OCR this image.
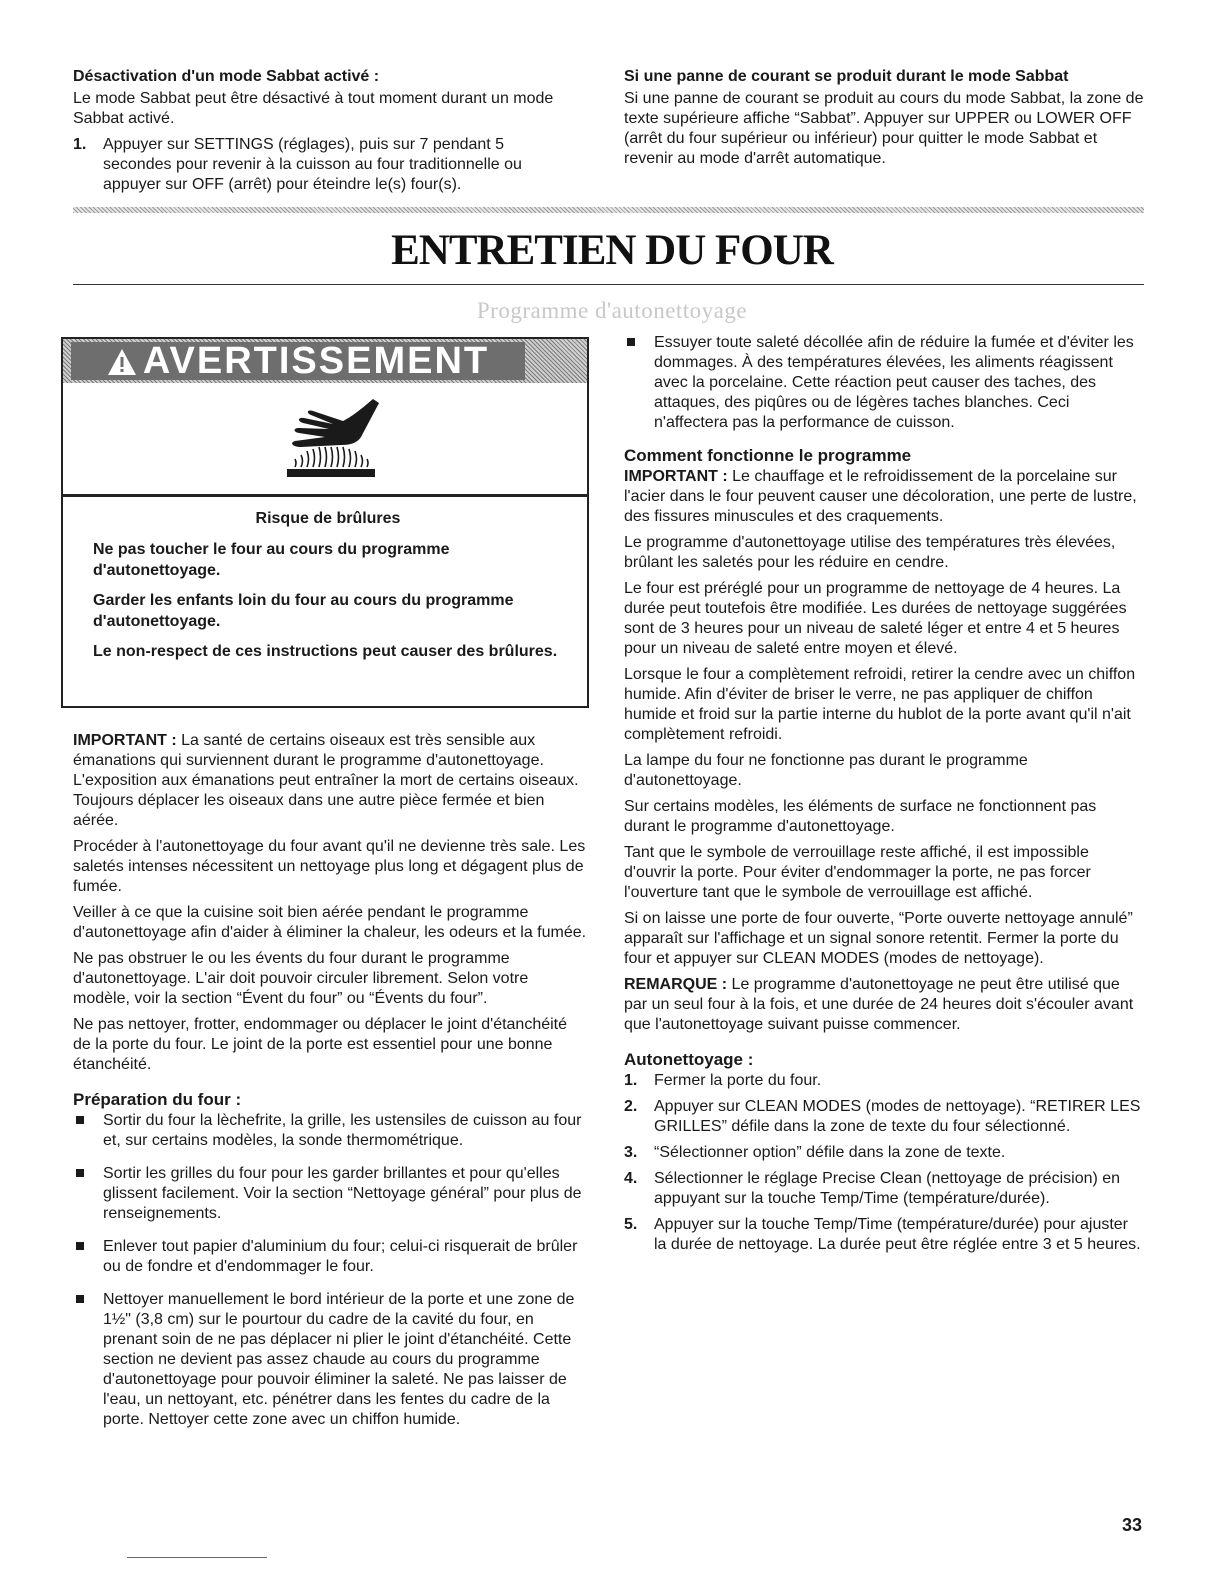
Désactivation d'un mode Sabbat activé :

Le mode Sabbat peut être désactivé à tout moment durant un mode Sabbat activé.

1. Appuyer sur SETTINGS (réglages), puis sur 7 pendant 5 secondes pour revenir à la cuisson au four traditionnelle ou appuyer sur OFF (arrêt) pour éteindre le(s) four(s).

Si une panne de courant se produit durant le mode Sabbat

Si une panne de courant se produit au cours du mode Sabbat, la zone de texte supérieure affiche “Sabbat”. Appuyer sur UPPER ou LOWER OFF (arrêt du four supérieur ou inférieur) pour quitter le mode Sabbat et revenir au mode d'arrêt automatique.

ENTRETIEN DU FOUR
Programme d'autonettoyage
AVERTISSEMENT

Risque de brûlures

Ne pas toucher le four au cours du programme d'autonettoyage.

Garder les enfants loin du four au cours du programme d'autonettoyage.

Le non-respect de ces instructions peut causer des brûlures.

IMPORTANT : La santé de certains oiseaux est très sensible aux émanations qui surviennent durant le programme d'autonettoyage. L'exposition aux émanations peut entraîner la mort de certains oiseaux. Toujours déplacer les oiseaux dans une autre pièce fermée et bien aérée.

Procéder à l'autonettoyage du four avant qu'il ne devienne très sale. Les saletés intenses nécessitent un nettoyage plus long et dégagent plus de fumée.

Veiller à ce que la cuisine soit bien aérée pendant le programme d'autonettoyage afin d'aider à éliminer la chaleur, les odeurs et la fumée.

Ne pas obstruer le ou les évents du four durant le programme d'autonettoyage. L'air doit pouvoir circuler librement. Selon votre modèle, voir la section “Évent du four” ou “Évents du four”.

Ne pas nettoyer, frotter, endommager ou déplacer le joint d'étanchéité de la porte du four. Le joint de la porte est essentiel pour une bonne étanchéité.

Préparation du four :

Sortir du four la lèchefrite, la grille, les ustensiles de cuisson au four et, sur certains modèles, la sonde thermométrique.
Sortir les grilles du four pour les garder brillantes et pour qu'elles glissent facilement. Voir la section “Nettoyage général” pour plus de renseignements.
Enlever tout papier d'aluminium du four; celui-ci risquerait de brûler ou de fondre et d'endommager le four.
Nettoyer manuellement le bord intérieur de la porte et une zone de 1½" (3,8 cm) sur le pourtour du cadre de la cavité du four, en prenant soin de ne pas déplacer ni plier le joint d'étanchéité. Cette section ne devient pas assez chaude au cours du programme d'autonettoyage pour pouvoir éliminer la saleté. Ne pas laisser de l'eau, un nettoyant, etc. pénétrer dans les fentes du cadre de la porte. Nettoyer cette zone avec un chiffon humide.
Essuyer toute saleté décollée afin de réduire la fumée et d'éviter les dommages. À des températures élevées, les aliments réagissent avec la porcelaine. Cette réaction peut causer des taches, des attaques, des piqûres ou de légères taches blanches. Ceci n'affectera pas la performance de cuisson.

Comment fonctionne le programme

IMPORTANT : Le chauffage et le refroidissement de la porcelaine sur l'acier dans le four peuvent causer une décoloration, une perte de lustre, des fissures minuscules et des craquements.

Le programme d'autonettoyage utilise des températures très élevées, brûlant les saletés pour les réduire en cendre.

Le four est préréglé pour un programme de nettoyage de 4 heures. La durée peut toutefois être modifiée. Les durées de nettoyage suggérées sont de 3 heures pour un niveau de saleté léger et entre 4 et 5 heures pour un niveau de saleté entre moyen et élevé.

Lorsque le four a complètement refroidi, retirer la cendre avec un chiffon humide. Afin d'éviter de briser le verre, ne pas appliquer de chiffon humide et froid sur la partie interne du hublot de la porte avant qu'il n'ait complètement refroidi.

La lampe du four ne fonctionne pas durant le programme d'autonettoyage.

Sur certains modèles, les éléments de surface ne fonctionnent pas durant le programme d'autonettoyage.

Tant que le symbole de verrouillage reste affiché, il est impossible d'ouvrir la porte. Pour éviter d'endommager la porte, ne pas forcer l'ouverture tant que le symbole de verrouillage est affiché.

Si on laisse une porte de four ouverte, “Porte ouverte nettoyage annulé” apparaît sur l'affichage et un signal sonore retentit. Fermer la porte du four et appuyer sur CLEAN MODES (modes de nettoyage).

REMARQUE : Le programme d'autonettoyage ne peut être utilisé que par un seul four à la fois, et une durée de 24 heures doit s'écouler avant que l'autonettoyage suivant puisse commencer.

Autonettoyage :

1. Fermer la porte du four.
2. Appuyer sur CLEAN MODES (modes de nettoyage). “RETIRER LES GRILLES” défile dans la zone de texte du four sélectionné.
3. “Sélectionner option” défile dans la zone de texte.
4. Sélectionner le réglage Precise Clean (nettoyage de précision) en appuyant sur la touche Temp/Time (température/durée).
5. Appuyer sur la touche Temp/Time (température/durée) pour ajuster la durée de nettoyage. La durée peut être réglée entre 3 et 5 heures.
33
